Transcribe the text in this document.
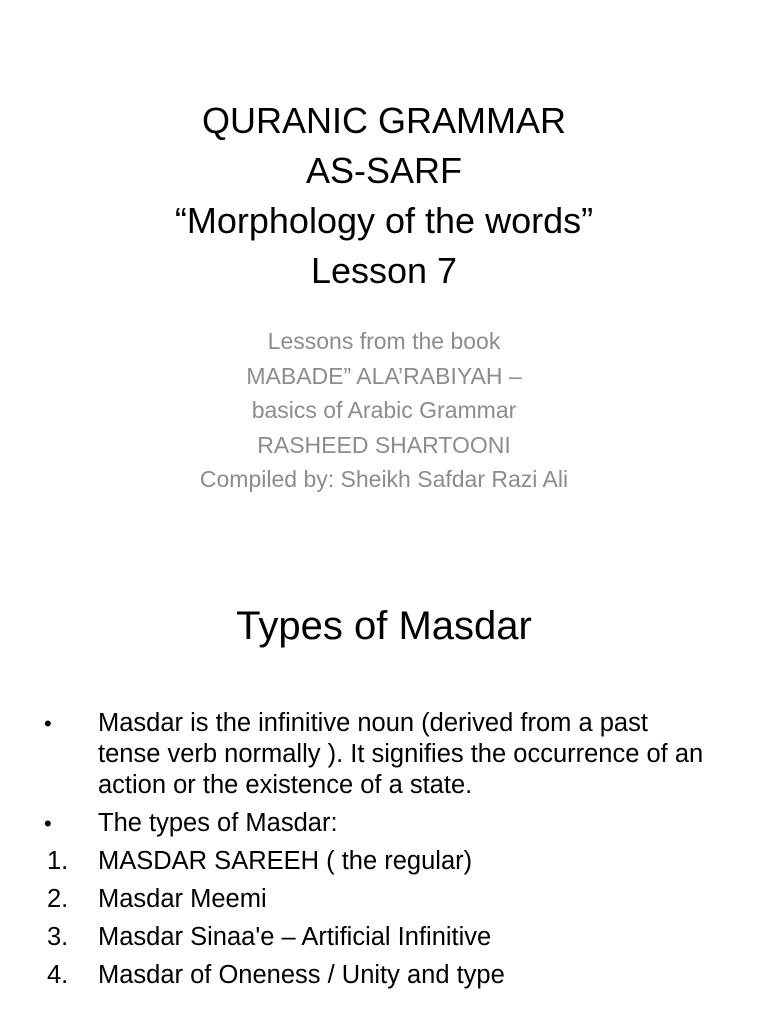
QURANIC GRAMMAR
AS-SARF
“Morphology of the words”
Lesson 7
Lessons from the book
MABADE” ALA’RABIYAH –
basics of Arabic Grammar
RASHEED SHARTOONI
Compiled by: Sheikh Safdar Razi Ali
Types of Masdar
•	Masdar is the infinitive noun (derived from a past tense verb normally ). It signifies the occurrence of an action or the existence of a state.
•	The types of Masdar:
1.	MASDAR SAREEH ( the regular)
2.	Masdar Meemi
3.	Masdar Sinaa'e – Artificial Infinitive
4.	Masdar of Oneness / Unity and type
